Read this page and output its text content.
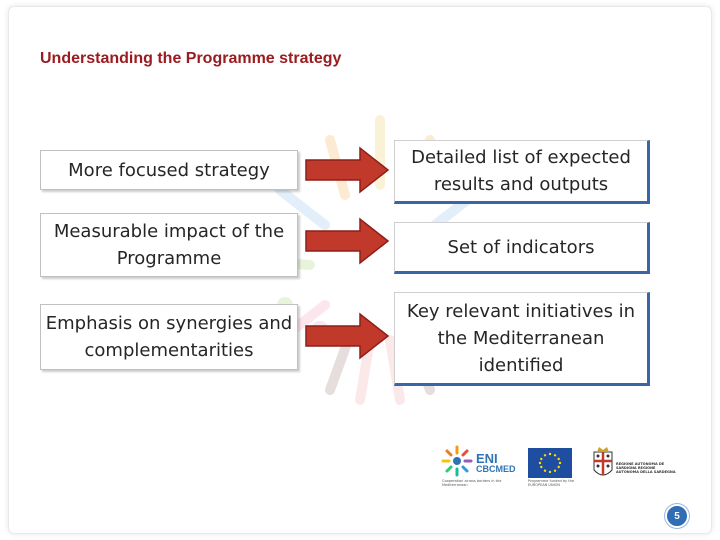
Understanding the Programme strategy
More focused strategy
Detailed list of expected results and outputs
Measurable impact of the Programme
Set of indicators
Emphasis on synergies and complementarities
Key relevant initiatives in the Mediterranean identified
ENI
CBCMED
Cooperation across borders in the Mediterranean
Programme funded by the EUROPEAN UNION
REGIONE AUTÒNOMA DE SARDIGNA REGIONE AUTONOMA DELLA SARDEGNA
5
